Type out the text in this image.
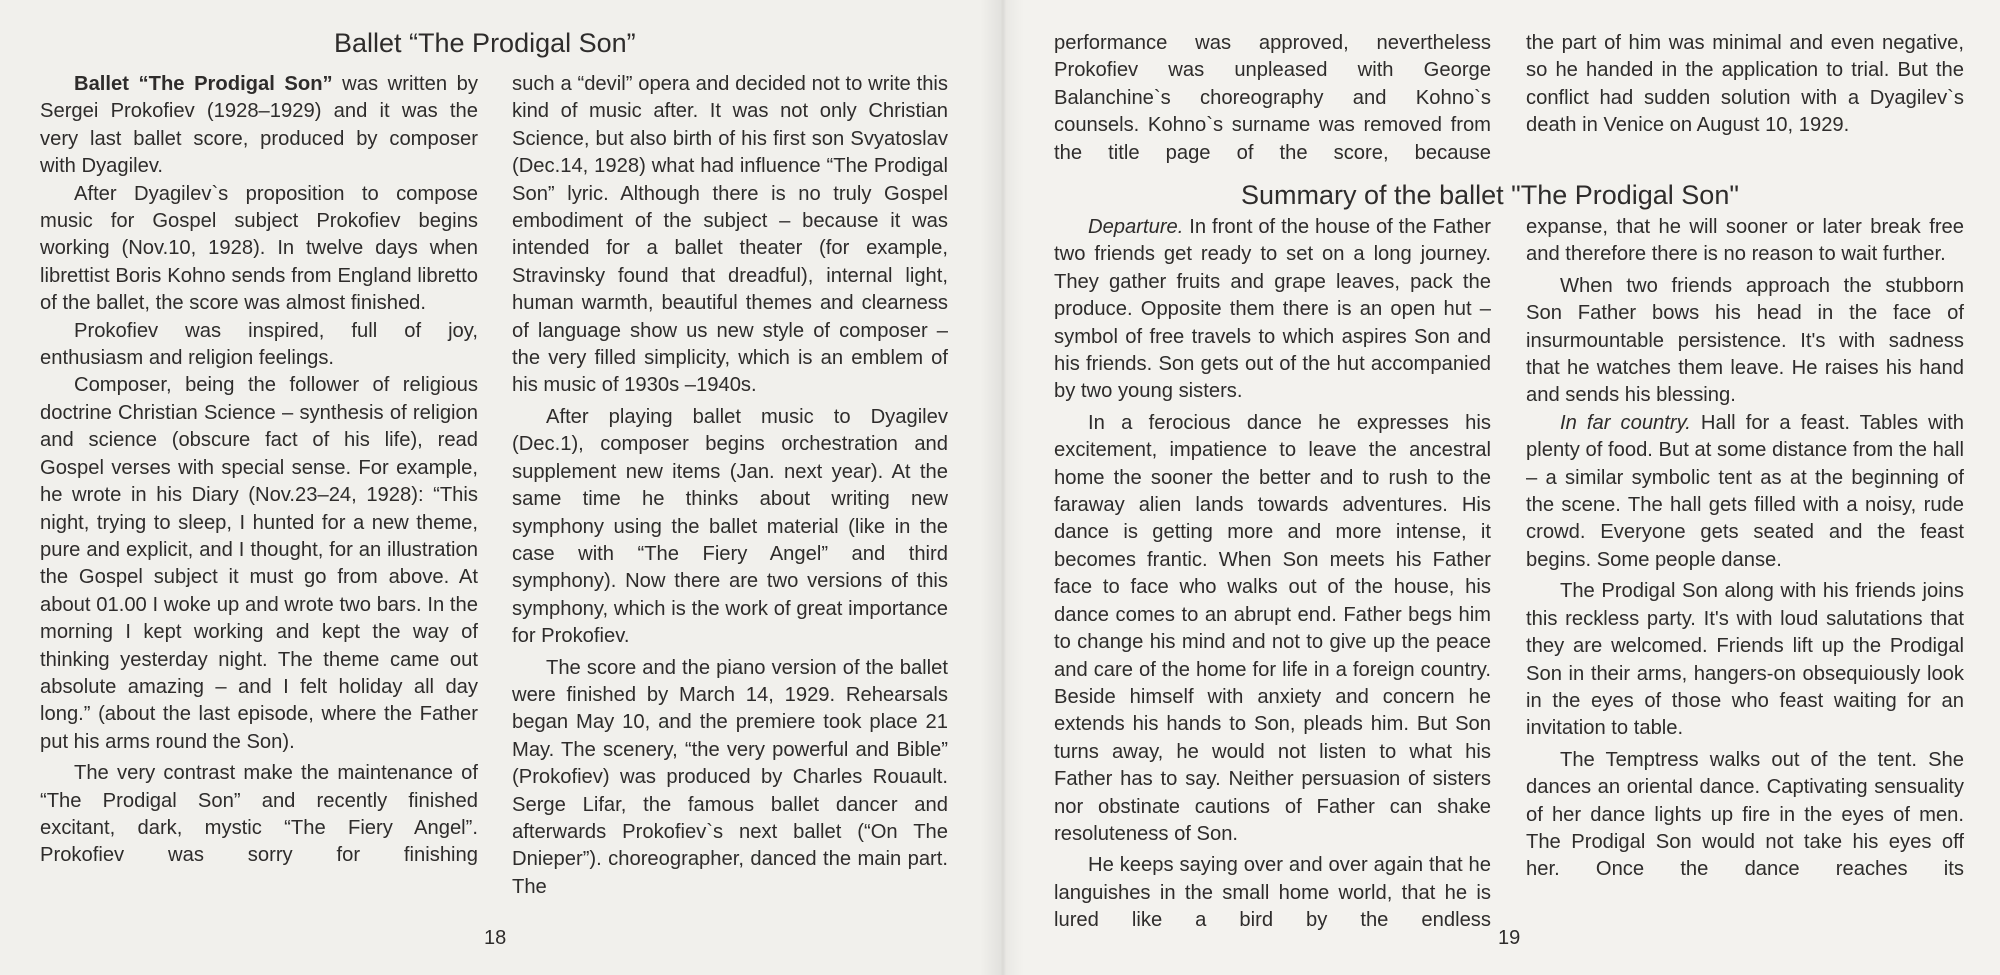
Ballet “The Prodigal Son”

Ballet “The Prodigal Son” was written by Sergei Prokofiev (1928–1929) and it was the very last ballet score, produced by composer with Dyagilev.

After Dyagilev`s proposition to compose music for Gospel subject Prokofiev begins working (Nov.10, 1928). In twelve days when librettist Boris Kohno sends from England libretto of the ballet, the score was almost finished.

Prokofiev was inspired, full of joy, enthusiasm and religion feelings.

Composer, being the follower of religious doctrine Christian Science – synthesis of religion and science (obscure fact of his life), read Gospel verses with special sense. For example, he wrote in his Diary (Nov.23–24, 1928): “This night, trying to sleep, I hunted for a new theme, pure and explicit, and I thought, for an illustration the Gospel subject it must go from above. At about 01.00 I woke up and wrote two bars. In the morning I kept working and kept the way of thinking yesterday night. The theme came out absolute amazing – and I felt holiday all day long.” (about the last episode, where the Father put his arms round the Son).

The very contrast make the maintenance of “The Prodigal Son” and recently finished excitant, dark, mystic “The Fiery Angel”. Prokofiev was sorry for finishing

such a “devil” opera and decided not to write this kind of music after. It was not only Christian Science, but also birth of his first son Svyatoslav (Dec.14, 1928) what had influence “The Prodigal Son” lyric. Although there is no truly Gospel embodiment of the subject – because it was intended for a ballet theater (for example, Stravinsky found that dreadful), internal light, human warmth, beautiful themes and clearness of language show us new style of composer – the very filled simplicity, which is an emblem of his music of 1930s –1940s.

After playing ballet music to Dyagilev (Dec.1), composer begins orchestration and supplement new items (Jan. next year). At the same time he thinks about writing new symphony using the ballet material (like in the case with “The Fiery Angel” and third symphony). Now there are two versions of this symphony, which is the work of great importance for Prokofiev.

The score and the piano version of the ballet were finished by March 14, 1929. Rehearsals began May 10, and the premiere took place 21 May. The scenery, “the very powerful and Bible” (Prokofiev) was produced by Charles Rouault. Serge Lifar, the famous ballet dancer and afterwards Prokofiev`s next ballet (“On The Dnieper”). choreographer, danced the main part. The

18

performance was approved, nevertheless Prokofiev was unpleased with George Balanchine`s choreography and Kohno`s counsels. Kohno`s surname was removed from the title page of the score, because

the part of him was minimal and even negative, so he handed in the application to trial. But the conflict had sudden solution with a Dyagilev`s death in Venice on August 10, 1929.

Summary of the ballet "The Prodigal Son"

Departure. In front of the house of the Father two friends get ready to set on a long journey. They gather fruits and grape leaves, pack the produce. Opposite them there is an open hut – symbol of free travels to which aspires Son and his friends. Son gets out of the hut accompanied by two young sisters.

In a ferocious dance he expresses his excitement, impatience to leave the ancestral home the sooner the better and to rush to the faraway alien lands towards adventures. His dance is getting more and more intense, it becomes frantic. When Son meets his Father face to face who walks out of the house, his dance comes to an abrupt end. Father begs him to change his mind and not to give up the peace and care of the home for life in a foreign country. Beside himself with anxiety and concern he extends his hands to Son, pleads him. But Son turns away, he would not listen to what his Father has to say. Neither persuasion of sisters nor obstinate cautions of Father can shake resoluteness of Son.

He keeps saying over and over again that he languishes in the small home world, that he is lured like a bird by the endless

expanse, that he will sooner or later break free and therefore there is no reason to wait further.

When two friends approach the stubborn Son Father bows his head in the face of insurmountable persistence. It's with sadness that he watches them leave. He raises his hand and sends his blessing.

In far country. Hall for a feast. Tables with plenty of food. But at some distance from the hall – a similar symbolic tent as at the beginning of the scene. The hall gets filled with a noisy, rude crowd. Everyone gets seated and the feast begins. Some people danse.

The Prodigal Son along with his friends joins this reckless party. It's with loud salutations that they are welcomed. Friends lift up the Prodigal Son in their arms, hangers-on obsequiously look in the eyes of those who feast waiting for an invitation to table.

The Temptress walks out of the tent. She dances an oriental dance. Captivating sensuality of her dance lights up fire in the eyes of men. The Prodigal Son would not take his eyes off her. Once the dance reaches its

19
